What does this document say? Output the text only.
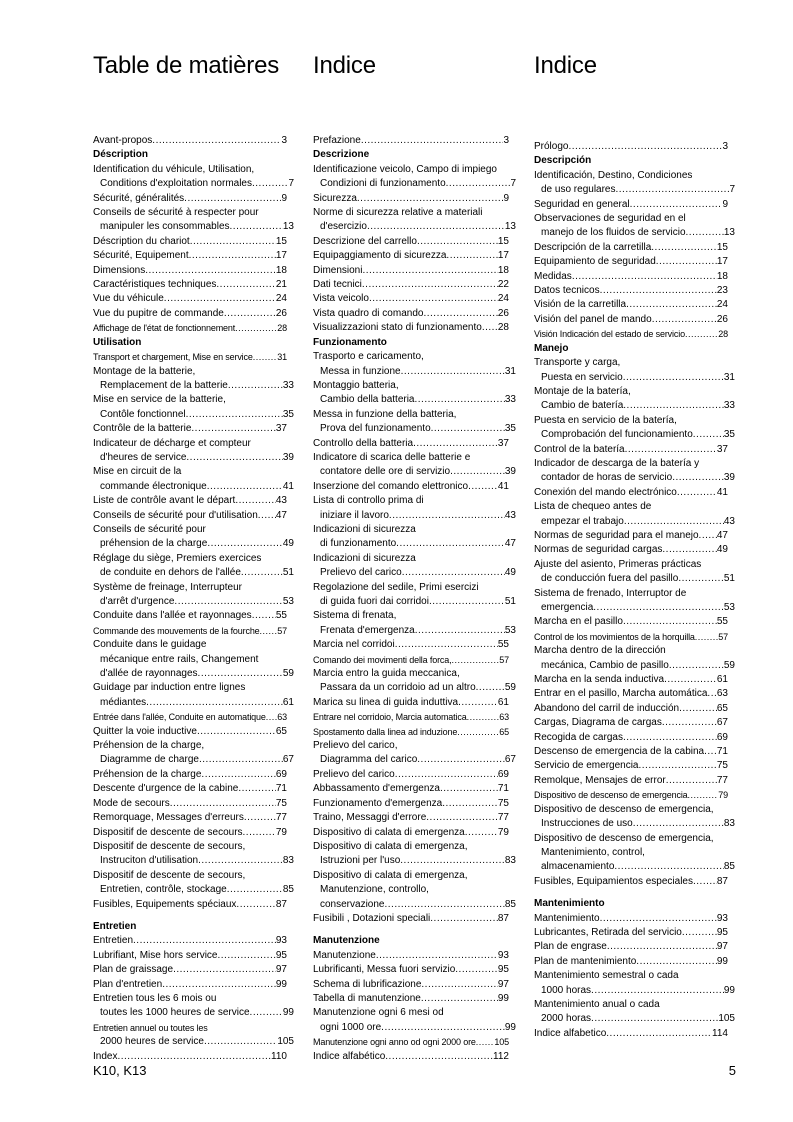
Table de matières
Avant-propos .....	3
Déscription
Identification du véhicule, Utilisation,
Conditions d'exploitation normales .....	7
Sécurité, généralités .....	9
Conseils de sécurité à respecter pour
manipuler les consommables .....	13
Déscription du chariot .....	15
Sécurité, Equipement .....	17
Dimensions .....	18
Caractéristiques techniques .....	21
Vue du véhicule .....	24
Vue du pupitre de commande .....	26
Affichage de l'état de fonctionnement .....	28
Utilisation
Transport et chargement, Mise en service .....	31
Montage de la batterie,
Remplacement de la batterie .....	33
Mise en service de la batterie,
Contôle fonctionnel .....	35
Contrôle de la batterie .....	37
Indicateur de décharge et compteur
d'heures de service .....	39
Mise en circuit de la
commande électronique .....	41
Liste de contrôle avant le départ .....	43
Conseils de sécurité pour d'utilisation ..... 47
Conseils de sécurité pour
préhension de la charge .....	49
Réglage du siège, Premiers exercices
de conduite en dehors de l'allée .....	51
Système de freinage, Interrupteur
d'arrêt d'urgence .....	53
Conduite dans l'allée et rayonnages ..... 55
Commande des mouvements de la fourche ..... 57
Conduite dans le guidage
mécanique entre rails, Changement
d'allée de rayonnages .....	59
Guidage par induction entre lignes
médiantes .....	61
Entrée dans l'allée, Conduite en automatique ..... 63
Quitter la voie inductive .....	65
Préhension de la charge,
Diagramme de charge .....	67
Préhension de la charge .....	69
Descente d'urgence de la cabine .....	71
Mode de secours .....	75
Remorquage, Messages d'erreurs .....	77
Dispositif de descente de secours .....	79
Dispositif de descente de secours,
Instruciton d'utilisation .....	83
Dispositif de descente de secours,
Entretien, contrôle, stockage .....	85
Fusibles, Equipements spéciaux .....	87
Entretien
Entretien .....	93
Lubrifiant, Mise hors service .....	95
Plan de graissage .....	97
Plan d'entretien .....	99
Entretien tous les 6 mois ou
toutes les 1000 heures de service .....	99
Entretien annuel ou toutes les
2000 heures de service .....	105
Index .....	110
Indice
Prefazione .....	3
Descrizione
Identificazione veicolo, Campo di impiego
Condizioni di funzionamento .....	7
Sicurezza .....	9
Norme di sicurezza relative a materiali
d'esercizio .....	13
Descrizione del carrello .....	15
Equipaggiamento di sicurezza .....	17
Dimensioni .....	18
Dati tecnici .....	22
Vista veicolo .....	24
Vista quadro di comando .....	26
Visualizzazioni stato di funzionamento ..... 28
Funzionamento
Trasporto e caricamento,
Messa in funzione .....	31
Montaggio batteria,
Cambio della batteria .....	33
Messa in funzione della batteria,
Prova del funzionamento .....	35
Controllo della batteria .....	37
Indicatore di scarica delle batterie e
contatore delle ore di servizio .....	39
Inserzione del comando elettronico .....	41
Lista di controllo prima di
iniziare il lavoro .....	43
Indicazioni di sicurezza
di funzionamento .....	47
Indicazioni di sicurezza
Prelievo del carico .....	49
Regolazione del sedile, Primi esercizi
di guida fuori dai corridoi .....	51
Sistema di frenata,
Frenata d'emergenza .....	53
Marcia nel corridoi .....	55
Comando dei movimenti della forca, .....	57
Marcia entro la guida meccanica,
Passara da un corridoio ad un altro .....	59
Marica su linea di guida induttiva .....	61
Entrare nel corridoio, Marcia automatica .....	63
Spostamento dalla linea ad induzione .....	65
Prelievo del carico,
Diagramma del carico .....	67
Prelievo del carico .....	69
Abbassamento d'emergenza .....	71
Funzionamento d'emergenza .....	75
Traino, Messaggi d'errore .....	77
Dispositivo di calata di emergenza .....	79
Dispositivo di calata di emergenza,
Istruzioni per l'uso .....	83
Dispositivo di calata di emergenza,
Manutenzione, controllo,
conservazione .....	85
Fusibili , Dotazioni speciali .....	87
Manutenzione
Manutenzione .....	93
Lubrificanti, Messa fuori servizio .....	95
Schema di lubrificazione .....	97
Tabella di manutenzione .....	99
Manutenzione ogni 6 mesi od
ogni 1000 ore .....	99
Manutenzione ogni anno od ogni 2000 ore ..... 105
Indice alfabético .....	112
Indice
Prólogo .....	3
Descripción
Identificación, Destino, Condiciones
de uso regulares .....	7
Seguridad en general .....	9
Observaciones de seguridad en el
manejo de los fluidos de servicio .....	13
Descripción de la carretilla .....	15
Equipamiento de seguridad .....	17
Medidas .....	18
Datos tecnicos .....	23
Visión de la carretilla .....	24
Visión del panel de mando .....	26
Visión Indicación del estado de servicio .....	28
Manejo
Transporte y carga,
Puesta en servicio .....	31
Montaje de la batería,
Cambio de batería .....	33
Puesta en servicio de la batería,
Comprobación del funcionamiento .....	35
Control de la batería .....	37
Indicador de descarga de la batería y
contador de horas de servicio .....	39
Conexión del mando electrónico .....	41
Lista de chequeo antes de
empezar el trabajo .....	43
Normas de seguridad para el manejo ..... 47
Normas de seguridad cargas .....	49
Ajuste del asiento, Primeras prácticas
de conducción fuera del pasillo .....	51
Sistema de frenado, Interruptor de
emergencia .....	53
Marcha en el pasillo .....	55
Control de los movimientos de la horquilla .....	57
Marcha dentro de la dirección
mecánica, Cambio de pasillo .....	59
Marcha en la senda inductiva .....	61
Entrar en el pasillo, Marcha automática ..... 63
Abandono del carril de inducción .....	65
Cargas, Diagrama de cargas .....	67
Recogida de cargas .....	69
Descenso de emergencia de la cabina ..... 71
Servicio de emergencia .....	75
Remolque, Mensajes de error .....	77
Dispositivo de descenso de emergencia .....	79
Dispositivo de descenso de emergencia,
Instrucciones de uso .....	83
Dispositivo de descenso de emergencia,
Mantenimiento, control,
almacenamiento .....	85
Fusibles, Equipamientos especiales ..... 87
Mantenimiento
Mantenimiento .....	93
Lubricantes, Retirada del servicio .....	95
Plan de engrase .....	97
Plan de mantenimiento .....	99
Mantenimiento semestral o cada
1000 horas .....	99
Mantenimiento anual o cada
2000 horas .....	105
Indice alfabetico .....	114
K10, K13	5
